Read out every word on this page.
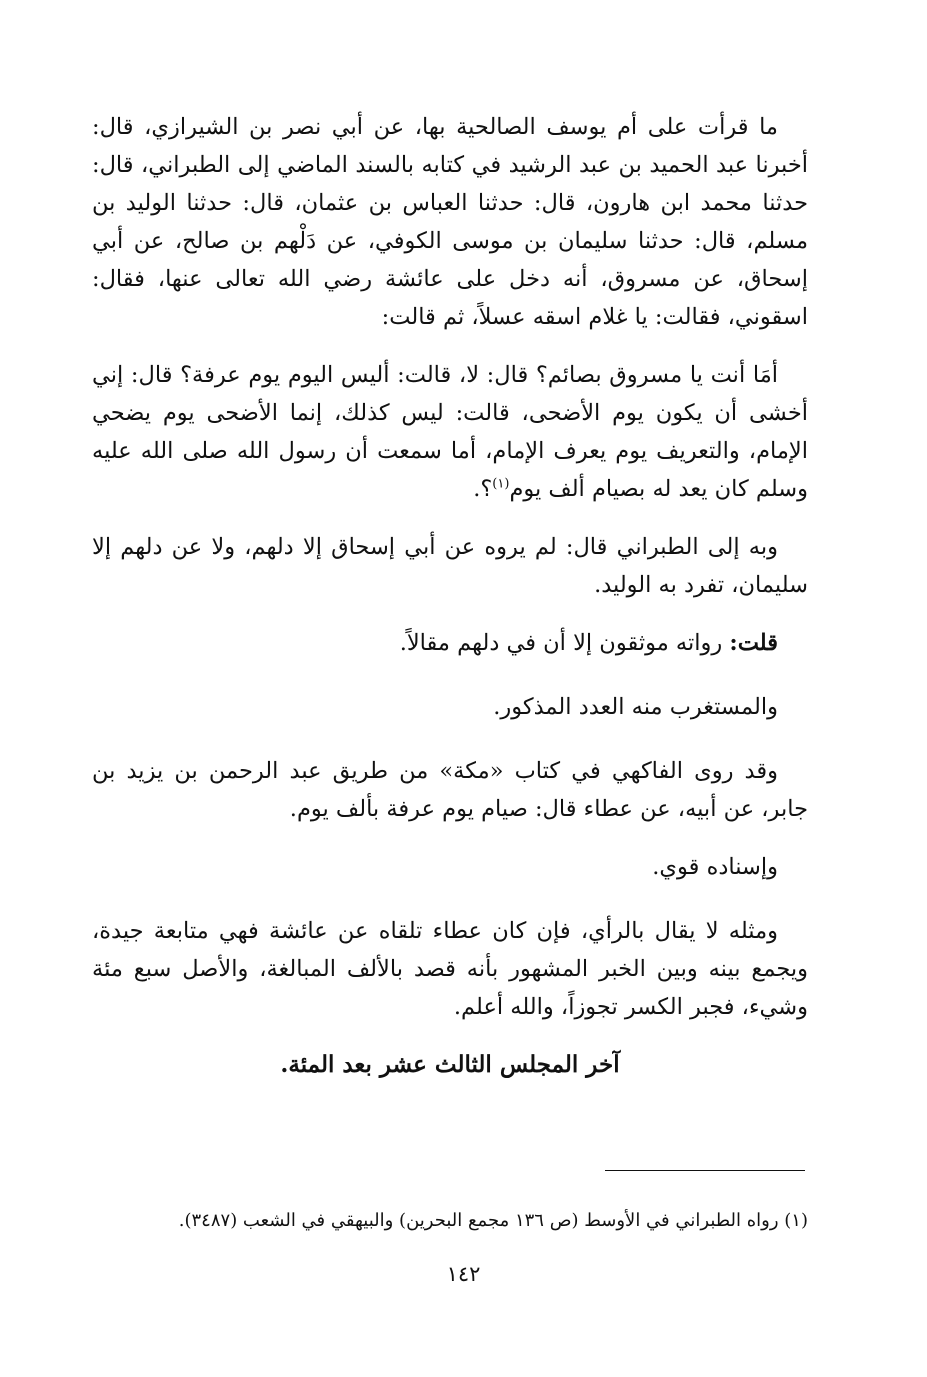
ما قرأت على أم يوسف الصالحية بها، عن أبي نصر بن الشيرازي، قال: أخبرنا عبد الحميد بن عبد الرشيد في كتابه بالسند الماضي إلى الطبراني، قال: حدثنا محمد ابن هارون، قال: حدثنا العباس بن عثمان، قال: حدثنا الوليد بن مسلم، قال: حدثنا سليمان بن موسى الكوفي، عن دَلْهم بن صالح، عن أبي إسحاق، عن مسروق، أنه دخل على عائشة رضي الله تعالى عنها، فقال: اسقوني، فقالت: يا غلام اسقه عسلاً، ثم قالت:

أمَا أنت يا مسروق بصائم؟ قال: لا، قالت: أليس اليوم يوم عرفة؟ قال: إني أخشى أن يكون يوم الأضحى، قالت: ليس كذلك، إنما الأضحى يوم يضحي الإمام، والتعريف يوم يعرف الإمام، أما سمعت أن رسول الله صلى الله عليه وسلم كان يعد له بصيام ألف يوم$^{(١)}$؟.

وبه إلى الطبراني قال: لم يروه عن أبي إسحاق إلا دلهم، ولا عن دلهم إلا سليمان، تفرد به الوليد.

قلت: رواته موثقون إلا أن في دلهم مقالاً.

والمستغرب منه العدد المذكور.

وقد روى الفاكهي في كتاب «مكة» من طريق عبد الرحمن بن يزيد بن جابر، عن أبيه، عن عطاء قال: صيام يوم عرفة بألف يوم.

وإسناده قوي.

ومثله لا يقال بالرأي، فإن كان عطاء تلقاه عن عائشة فهي متابعة جيدة، ويجمع بينه وبين الخبر المشهور بأنه قصد بالألف المبالغة، والأصل سبع مئة وشيء، فجبر الكسر تجوزاً، والله أعلم.

آخر المجلس الثالث عشر بعد المئة.

(١) رواه الطبراني في الأوسط (ص ١٣٦ مجمع البحرين) والبيهقي في الشعب (٣٤٨٧).

١٤٢
